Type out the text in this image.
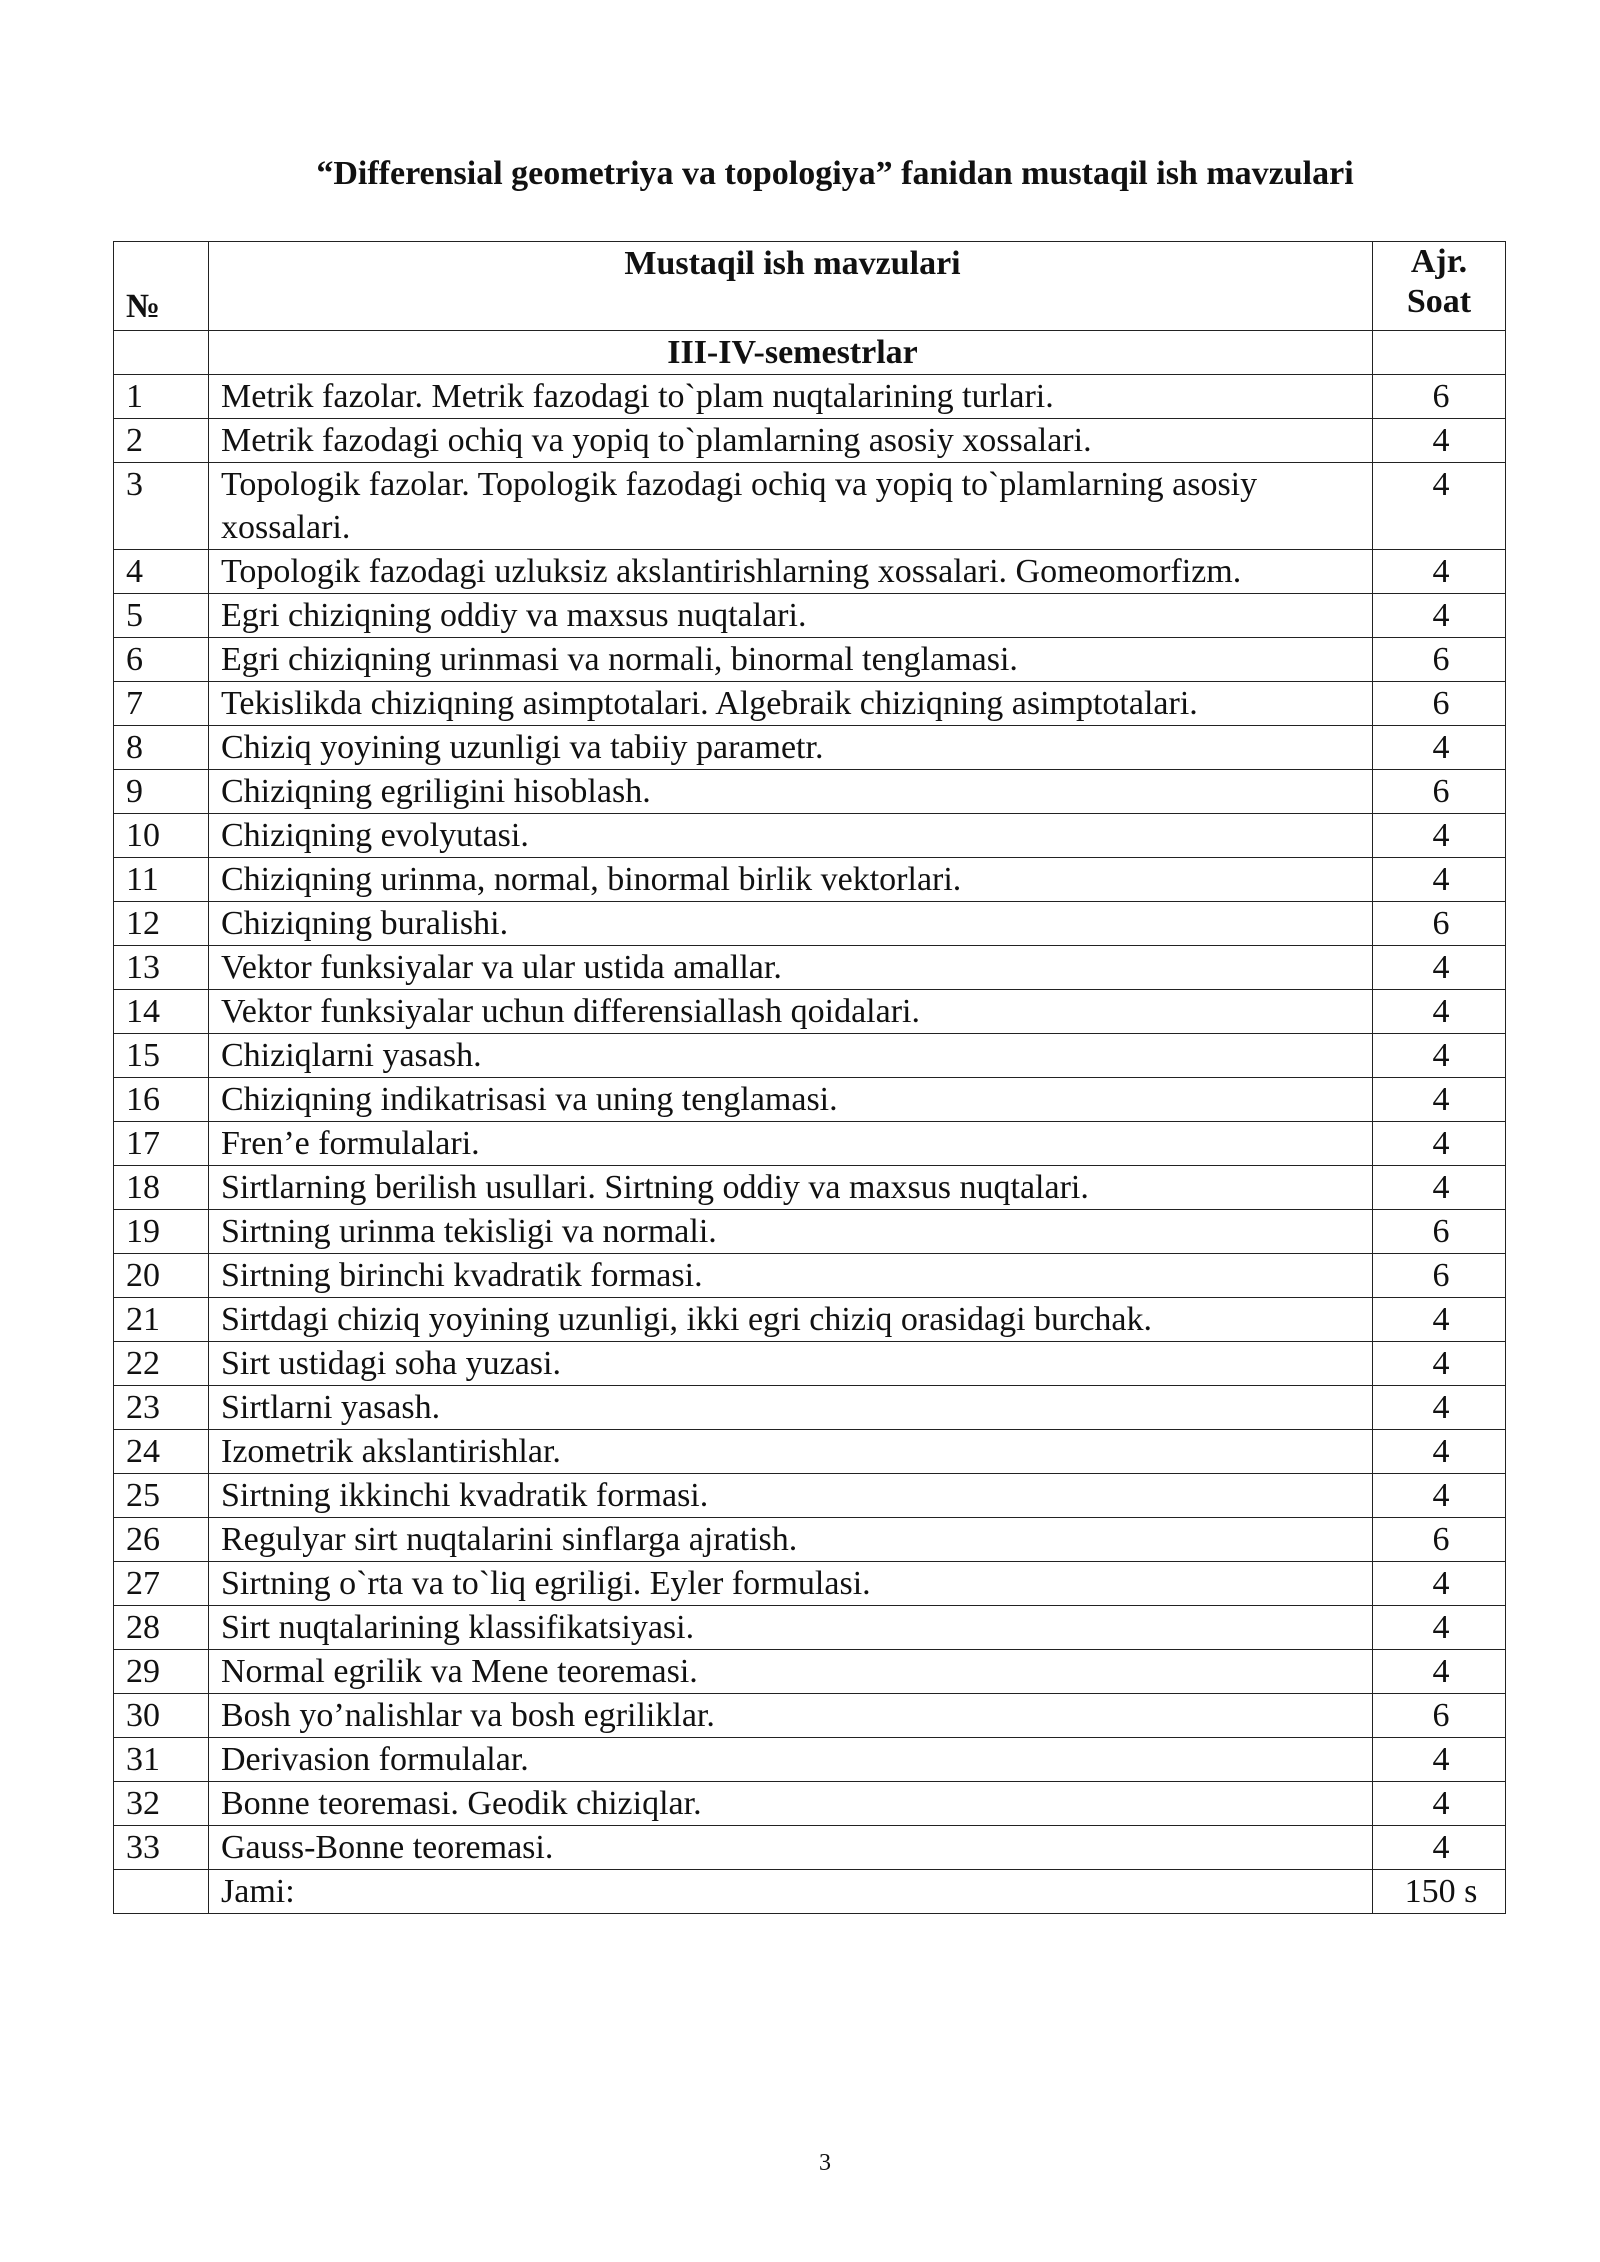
“Differensial geometriya va topologiya” fanidan mustaqil ish mavzulari
№	Mustaqil ish mavzulari	Ajr.
Soat

	III-IV-semestrlar	
1	Metrik fazolar. Metrik fazodagi to`plam nuqtalarining turlari.	6
2	Metrik fazodagi ochiq va yopiq to`plamlarning asosiy xossalari.	4
3	Topologik fazolar. Topologik fazodagi ochiq va yopiq to`plamlarning asosiy xossalari.	4
4	Topologik fazodagi uzluksiz akslantirishlarning xossalari. Gomeomorfizm.	4
5	Egri chiziqning oddiy va maxsus nuqtalari.	4
6	Egri chiziqning urinmasi va normali, binormal tenglamasi.	6
7	Tekislikda chiziqning asimptotalari. Algebraik chiziqning asimptotalari.	6
8	Chiziq yoyining uzunligi va tabiiy parametr.	4
9	Chiziqning egriligini hisoblash.	6
10	Chiziqning evolyutasi.	4
11	Chiziqning urinma, normal, binormal birlik vektorlari.	4
12	Chiziqning buralishi.	6
13	Vektor funksiyalar va ular ustida amallar.	4
14	Vektor funksiyalar uchun differensiallash qoidalari.	4
15	Chiziqlarni yasash.	4
16	Chiziqning indikatrisasi va uning tenglamasi.	4
17	Fren’e formulalari.	4
18	Sirtlarning berilish usullari. Sirtning oddiy va maxsus nuqtalari.	4
19	Sirtning urinma tekisligi va normali.	6
20	Sirtning birinchi kvadratik formasi.	6
21	Sirtdagi chiziq yoyining uzunligi, ikki egri chiziq orasidagi burchak.	4
22	Sirt ustidagi soha yuzasi.	4
23	Sirtlarni yasash.	4
24	Izometrik akslantirishlar.	4
25	Sirtning ikkinchi kvadratik formasi.	4
26	Regulyar sirt nuqtalarini sinflarga ajratish.	6
27	Sirtning o`rta va to`liq egriligi. Eyler formulasi.	4
28	Sirt nuqtalarining klassifikatsiyasi.	4
29	Normal egrilik va Mene teoremasi.	4
30	Bosh yo’nalishlar va bosh egriliklar.	6
31	Derivasion formulalar.	4
32	Bonne teoremasi. Geodik chiziqlar.	4
33	Gauss-Bonne teoremasi.	4
	Jami:	150 s
3
